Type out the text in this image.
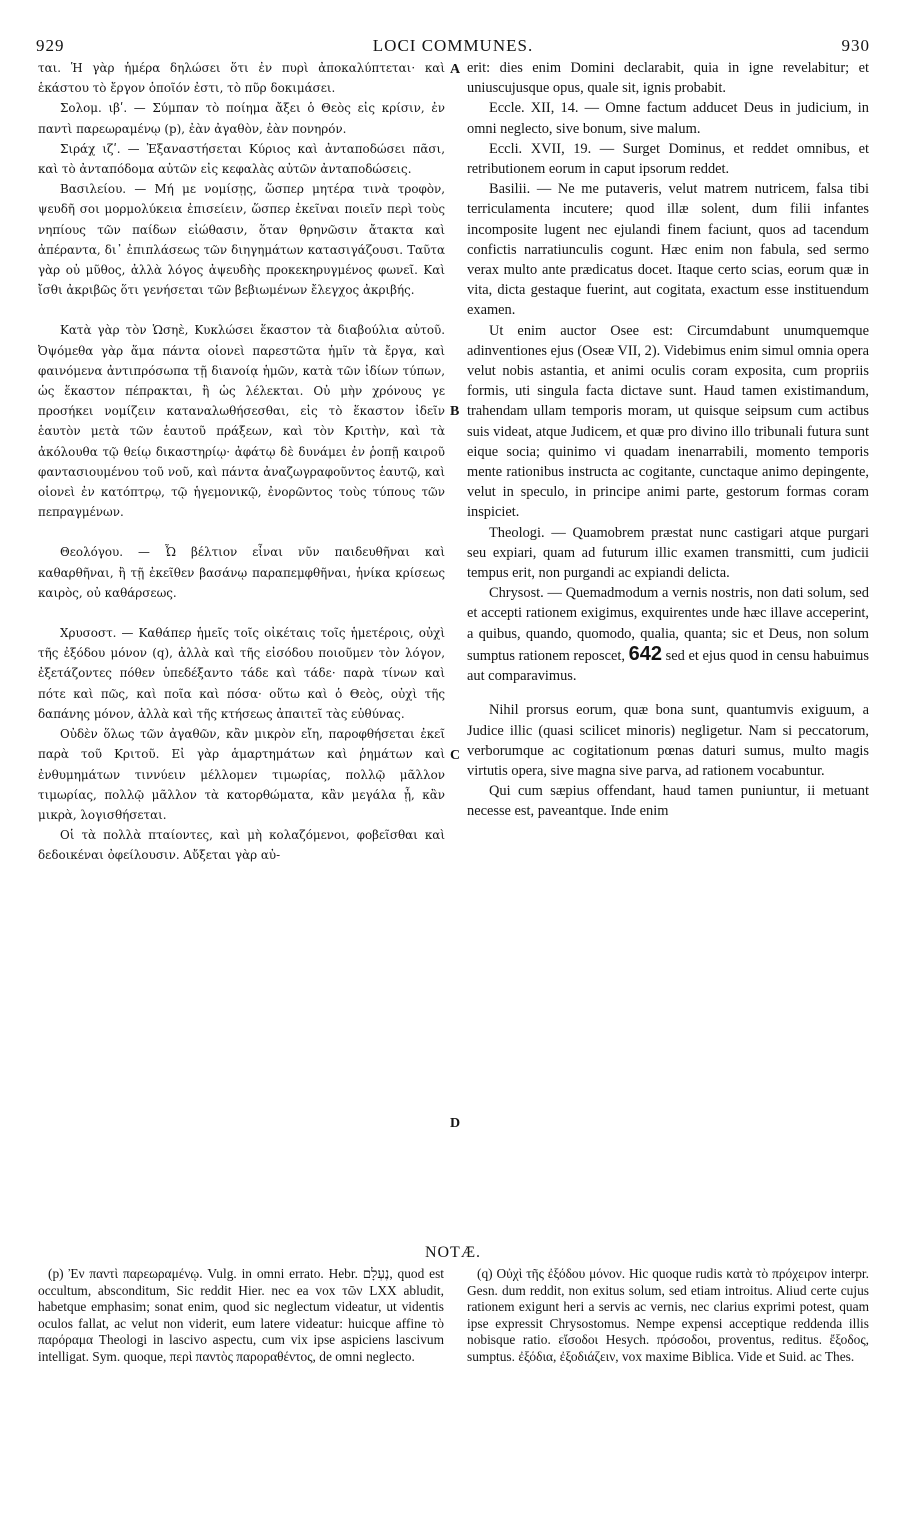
929	LOCI COMMUNES.	930

ται. Ἡ γὰρ ἡμέρα δηλώσει ὅτι ἐν πυρὶ ἀποκαλύπτεται· καὶ ἑκάστου τὸ ἔργον ὁποῖόν ἐστι, τὸ πῦρ δοκιμάσει.

Σολομ. ιβʹ. — Σύμπαν τὸ ποίημα ἄξει ὁ Θεὸς εἰς κρίσιν, ἐν παντὶ παρεωραμένῳ (p), ἐὰν ἀγαθὸν, ἐὰν πονηρόν.

Σιράχ ιζʹ. — Ἐξαναστήσεται Κύριος καὶ ἀνταποδώσει πᾶσι, καὶ τὸ ἀνταπόδομα αὐτῶν εἰς κεφαλὰς αὐτῶν ἀνταποδώσεις.

Βασιλείου. — Μή με νομίσῃς, ὥσπερ μητέρα τινὰ τροφὸν, ψευδῆ σοι μορμολύκεια ἐπισείειν, ὥσπερ ἐκεῖναι ποιεῖν περὶ τοὺς νηπίους τῶν παίδων εἰώθασιν, ὅταν θρηνῶσιν ἄτακτα καὶ ἀπέραντα, δι᾽ ἐπιπλάσεως τῶν διηγημάτων κατασιγάζουσι. Ταῦτα γὰρ οὐ μῦθος, ἀλλὰ λόγος ἀψευδὴς προκεκηρυγμένος φωνεῖ. Καὶ ἴσθι ἀκριβῶς ὅτι γενήσεται τῶν βεβιωμένων ἔλεγχος ἀκριβής.

Κατὰ γὰρ τὸν Ὡσηὲ, Κυκλώσει ἕκαστον τὰ διαβούλια αὐτοῦ. Ὀψόμεθα γὰρ ἅμα πάντα οἱονεὶ παρεστῶτα ἡμῖν τὰ ἔργα, καὶ φαινόμενα ἀντιπρόσωπα τῇ διανοίᾳ ἡμῶν, κατὰ τῶν ἰδίων τύπων, ὡς ἕκαστον πέπρακται, ἢ ὡς λέλεκται. Οὐ μὴν χρόνους γε προσήκει νομίζειν καταναλωθήσεσθαι, εἰς τὸ ἕκαστον ἰδεῖν ἑαυτὸν μετὰ τῶν ἑαυτοῦ πράξεων, καὶ τὸν Κριτὴν, καὶ τὰ ἀκόλουθα τῷ θείῳ δικαστηρίῳ· ἀφάτῳ δὲ δυνάμει ἐν ῥοπῇ καιροῦ φαντασιουμένου τοῦ νοῦ, καὶ πάντα ἀναζωγραφοῦντος ἑαυτῷ, καὶ οἱονεὶ ἐν κατόπτρῳ, τῷ ἡγεμονικῷ, ἐνορῶντος τοὺς τύπους τῶν πεπραγμένων.

Θεολόγου. — Ὦ βέλτιον εἶναι νῦν παιδευθῆναι καὶ καθαρθῆναι, ἢ τῇ ἐκεῖθεν βασάνῳ παραπεμφθῆναι, ἡνίκα κρίσεως καιρὸς, οὐ καθάρσεως.

Χρυσοστ. — Καθάπερ ἡμεῖς τοῖς οἰκέταις τοῖς ἡμετέροις, οὐχὶ τῆς ἐξόδου μόνον (q), ἀλλὰ καὶ τῆς εἰσόδου ποιοῦμεν τὸν λόγον, ἐξετάζοντες πόθεν ὑπεδέξαντο τάδε καὶ τάδε· παρὰ τίνων καὶ πότε καὶ πῶς, καὶ ποῖα καὶ πόσα· οὕτω καὶ ὁ Θεὸς, οὐχὶ τῆς δαπάνης μόνον, ἀλλὰ καὶ τῆς κτήσεως ἀπαιτεῖ τὰς εὐθύνας.

Οὐδὲν ὅλως τῶν ἀγαθῶν, κἂν μικρὸν εἴη, παροφθήσεται ἐκεῖ παρὰ τοῦ Κριτοῦ. Εἰ γὰρ ἁμαρτημάτων καὶ ῥημάτων καὶ ἐνθυμημάτων τιννύειν μέλλομεν τιμωρίας, πολλῷ μᾶλλον τιμωρίας, πολλῷ μᾶλλον τὰ κατορθώματα, κἂν μεγάλα ᾖ, κἂν μικρὰ, λογισθήσεται.

Οἱ τὰ πολλὰ πταίοντες, καὶ μὴ κολαζόμενοι, φοβεῖσθαι καὶ δεδοικέναι ὀφείλουσιν. Αὔξεται γὰρ αὐ-

A
B
C
D

erit: dies enim Domini declarabit, quia in igne revelabitur; et uniuscujusque opus, quale sit, ignis probabit.

Eccle. XII, 14. — Omne factum adducet Deus in judicium, in omni neglecto, sive bonum, sive malum.

Eccli. XVII, 19. — Surget Dominus, et reddet omnibus, et retributionem eorum in caput ipsorum reddet.

Basilii. — Ne me putaveris, velut matrem nutricem, falsa tibi terriculamenta incutere; quod illæ solent, dum filii infantes incomposite lugent nec ejulandi finem faciunt, quos ad tacendum confictis narratiunculis cogunt. Hæc enim non fabula, sed sermo verax multo ante prædicatus docet. Itaque certo scias, eorum quæ in vita, dicta gestaque fuerint, aut cogitata, exactum esse instituendum examen.

Ut enim auctor Osee est: Circumdabunt unumquemque adinventiones ejus (Oseæ VII, 2). Videbimus enim simul omnia opera velut nobis astantia, et animi oculis coram exposita, cum propriis formis, uti singula facta dictave sunt. Haud tamen existimandum, trahendam ullam temporis moram, ut quisque seipsum cum actibus suis videat, atque Judicem, et quæ pro divino illo tribunali futura sunt eique socia; quinimo vi quadam inenarrabili, momento temporis mente rationibus instructa ac cogitante, cunctaque animo depingente, velut in speculo, in principe animi parte, gestorum formas coram inspiciet.

Theologi. — Quamobrem præstat nunc castigari atque purgari seu expiari, quam ad futurum illic examen transmitti, cum judicii tempus erit, non purgandi ac expiandi delicta.

Chrysost. — Quemadmodum a vernis nostris, non dati solum, sed et accepti rationem exigimus, exquirentes unde hæc illave acceperint, a quibus, quando, quomodo, qualia, quanta; sic et Deus, non solum sumptus rationem reposcet, 642 sed et ejus quod in censu habuimus aut comparavimus.

Nihil prorsus eorum, quæ bona sunt, quantumvis exiguum, a Judice illic (quasi scilicet minoris) negligetur. Nam si peccatorum, verborumque ac cogitationum pœnas daturi sumus, multo magis virtutis opera, sive magna sive parva, ad rationem vocabuntur.

Qui cum sæpius offendant, haud tamen puniuntur, ii metuant necesse est, paveantque. Inde enim

NOTÆ.

(p) Ἐν παντὶ παρεωραμένῳ. Vulg. in omni errato. Hebr. נֶעְלָם, quod est occultum, absconditum, Sic reddit Hier. nec ea vox τῶν LXX abludit, habetque emphasim; sonat enim, quod sic neglectum videatur, ut videntis oculos fallat, ac velut non viderit, eum latere videatur: huicque affine τὸ παρόραμα Theologi in lascivo aspectu, cum vix ipse aspiciens lascivum intelligat. Sym. quoque, περὶ παντὸς παροραθέντος, de omni neglecto.

(q) Οὐχὶ τῆς ἐξόδου μόνον. Hic quoque rudis κατὰ τὸ πρόχειρον interpr. Gesn. dum reddit, non exitus solum, sed etiam introitus. Aliud certe cujus rationem exigunt heri a servis ac vernis, nec clarius exprimi potest, quam ipse expressit Chrysostomus. Nempe expensi acceptique reddenda illis nobisque ratio. εἴσοδοι Hesych. πρόσοδοι, proventus, reditus. ἔξοδος, sumptus. ἐξόδια, ἐξοδιάζειν, vox maxime Biblica. Vide et Suid. ac Thes.
